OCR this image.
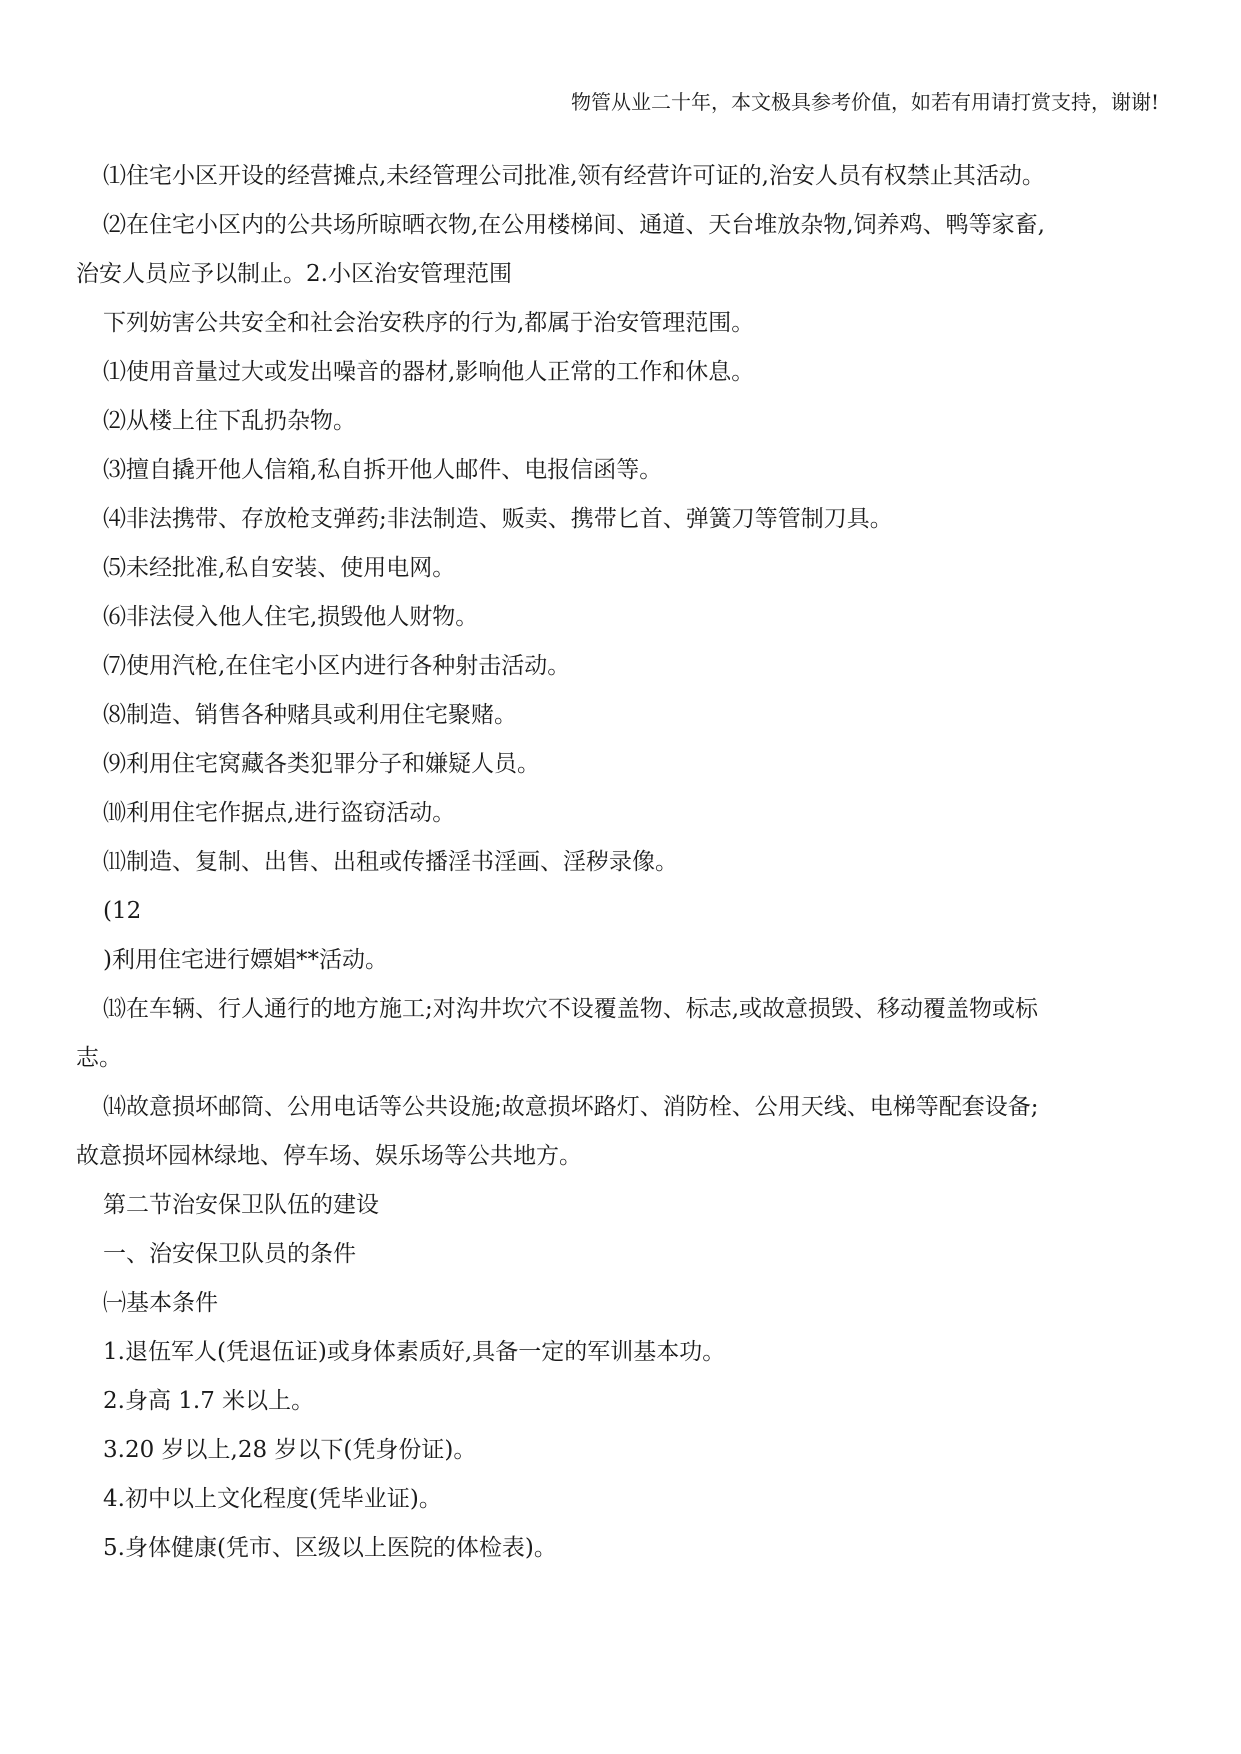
物管从业二十年，本文极具参考价值，如若有用请打赏支持，谢谢!
⑴住宅小区开设的经营摊点,未经管理公司批准,领有经营许可证的,治安人员有权禁止其活动。
⑵在住宅小区内的公共场所晾晒衣物,在公用楼梯间、通道、天台堆放杂物,饲养鸡、鸭等家畜,
治安人员应予以制止。2.小区治安管理范围
下列妨害公共安全和社会治安秩序的行为,都属于治安管理范围。
⑴使用音量过大或发出噪音的器材,影响他人正常的工作和休息。
⑵从楼上往下乱扔杂物。
⑶擅自撬开他人信箱,私自拆开他人邮件、电报信函等。
⑷非法携带、存放枪支弹药;非法制造、贩卖、携带匕首、弹簧刀等管制刀具。
⑸未经批准,私自安装、使用电网。
⑹非法侵入他人住宅,损毁他人财物。
⑺使用汽枪,在住宅小区内进行各种射击活动。
⑻制造、销售各种赌具或利用住宅聚赌。
⑼利用住宅窝藏各类犯罪分子和嫌疑人员。
⑽利用住宅作据点,进行盗窃活动。
⑾制造、复制、出售、出租或传播淫书淫画、淫秽录像。
(12
)利用住宅进行嫖娼**活动。
⒀在车辆、行人通行的地方施工;对沟井坎穴不设覆盖物、标志,或故意损毁、移动覆盖物或标
志。
⒁故意损坏邮筒、公用电话等公共设施;故意损坏路灯、消防栓、公用天线、电梯等配套设备;
故意损坏园林绿地、停车场、娱乐场等公共地方。
第二节治安保卫队伍的建设
一、治安保卫队员的条件
㈠基本条件
1.退伍军人(凭退伍证)或身体素质好,具备一定的军训基本功。
2.身高 1.7 米以上。
3.20 岁以上,28 岁以下(凭身份证)。
4.初中以上文化程度(凭毕业证)。
5.身体健康(凭市、区级以上医院的体检表)。
